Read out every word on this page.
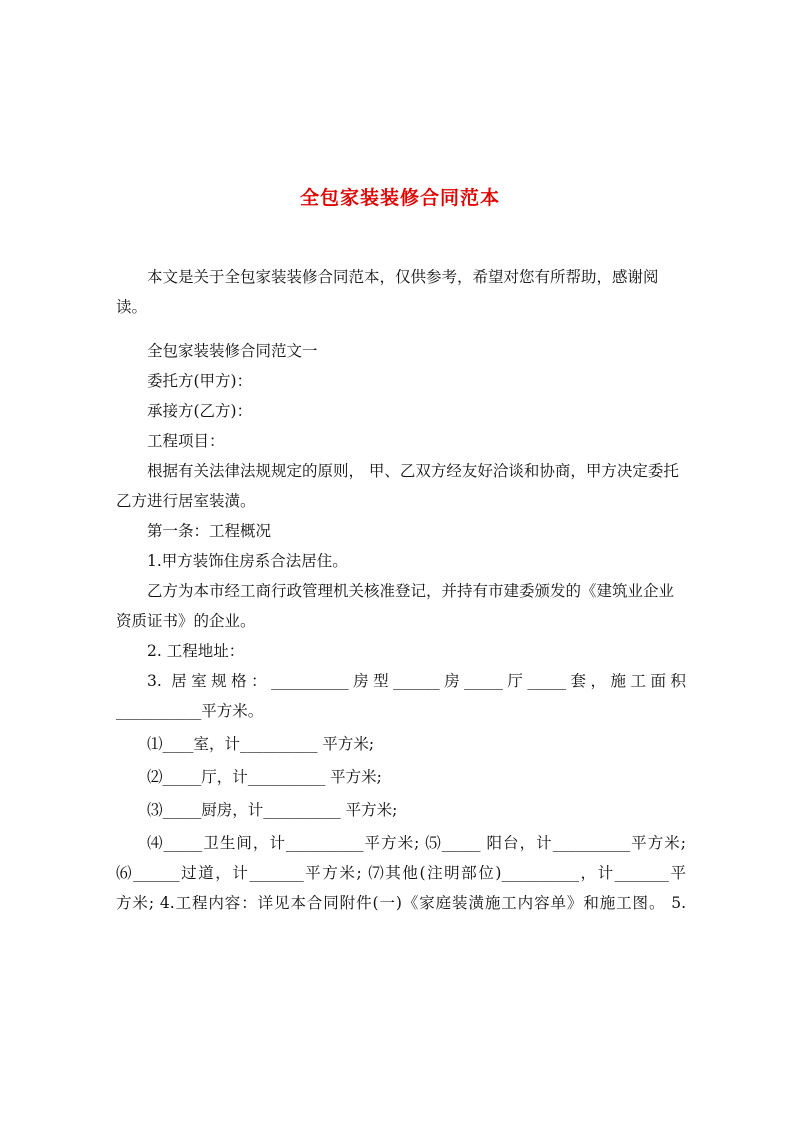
全包家装装修合同范本

本文是关于全包家装装修合同范本，仅供参考，希望对您有所帮助，感谢阅读。

全包家装装修合同范文一

委托方(甲方)：

承接方(乙方)：

工程项目：

根据有关法律法规规定的原则， 甲、乙双方经友好洽谈和协商，甲方决定委托乙方进行居室装潢。

第一条：工程概况

1.甲方装饰住房系合法居住。

乙方为本市经工商行政管理机关核准登记，并持有市建委颁发的《建筑业企业资质证书》的企业。

2. 工程地址：

3. 居室规格：__________房型______房_____厅_____套，施工面积

___________平方米。

⑴____室，计__________ 平方米;

⑵_____厅，计__________ 平方米;

⑶_____厨房，计__________ 平方米;

⑷_____卫生间，计__________平方米; ⑸_____ 阳台，计__________平方米;

⑹______过道，计_______平方米; ⑺其他(注明部位)__________，计_______平

方米; 4.工程内容：详见本合同附件(一)《家庭装潢施工内容单》和施工图。 5.
